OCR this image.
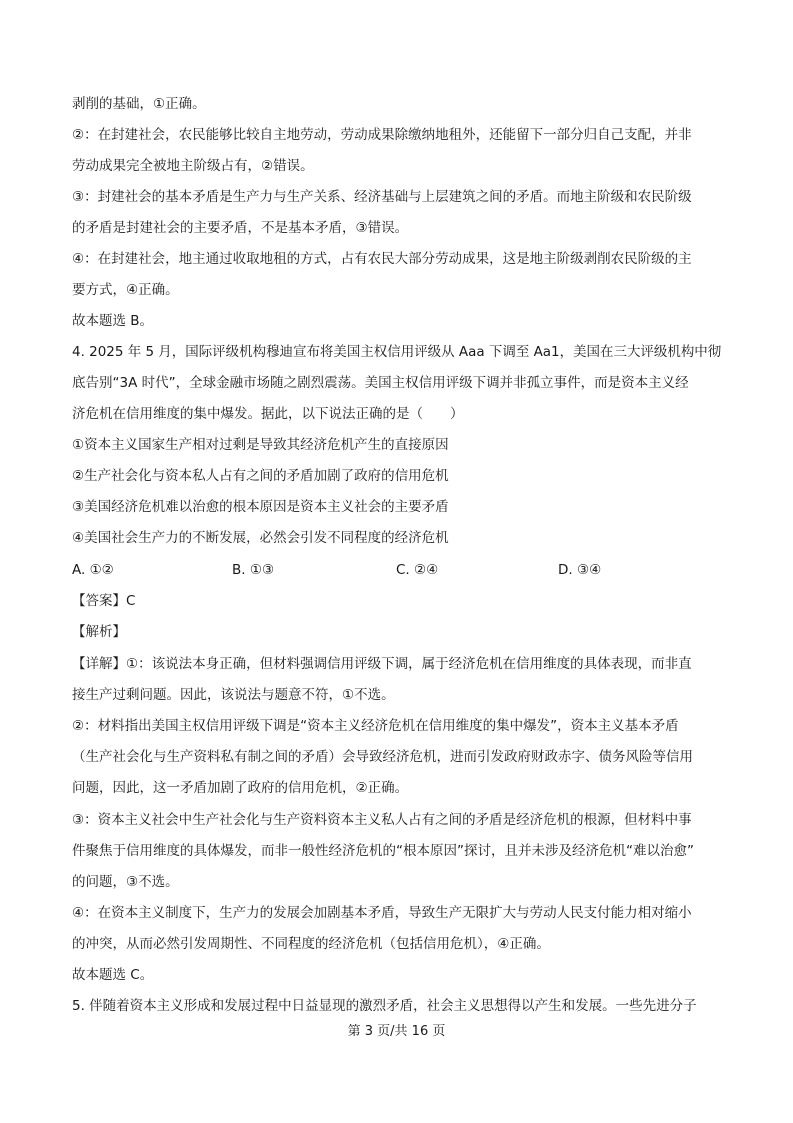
剥削的基础，①正确。
②：在封建社会，农民能够比较自主地劳动，劳动成果除缴纳地租外，还能留下一部分归自己支配，并非
劳动成果完全被地主阶级占有，②错误。
③：封建社会的基本矛盾是生产力与生产关系、经济基础与上层建筑之间的矛盾。而地主阶级和农民阶级
的矛盾是封建社会的主要矛盾，不是基本矛盾，③错误。
④：在封建社会，地主通过收取地租的方式，占有农民大部分劳动成果，这是地主阶级剥削农民阶级的主
要方式，④正确。
故本题选 B。
4. 2025 年 5 月，国际评级机构穆迪宣布将美国主权信用评级从 Aaa 下调至 Aa1，美国在三大评级机构中彻
底告别“3A 时代”，全球金融市场随之剧烈震荡。美国主权信用评级下调并非孤立事件，而是资本主义经
济危机在信用维度的集中爆发。据此，以下说法正确的是（　　）
①资本主义国家生产相对过剩是导致其经济危机产生的直接原因
②生产社会化与资本私人占有之间的矛盾加剧了政府的信用危机
③美国经济危机难以治愈的根本原因是资本主义社会的主要矛盾
④美国社会生产力的不断发展，必然会引发不同程度的经济危机
A. ①②	B. ①③	C. ②④	D. ③④
【答案】C
【解析】
【详解】①：该说法本身正确，但材料强调信用评级下调，属于经济危机在信用维度的具体表现，而非直
接生产过剩问题。因此，该说法与题意不符，①不选。
②：材料指出美国主权信用评级下调是“资本主义经济危机在信用维度的集中爆发”，资本主义基本矛盾
（生产社会化与生产资料私有制之间的矛盾）会导致经济危机，进而引发政府财政赤字、债务风险等信用
问题，因此，这一矛盾加剧了政府的信用危机，②正确。
③：资本主义社会中生产社会化与生产资料资本主义私人占有之间的矛盾是经济危机的根源，但材料中事
件聚焦于信用维度的具体爆发，而非一般性经济危机的“根本原因”探讨，且并未涉及经济危机“难以治愈”
的问题，③不选。
④：在资本主义制度下，生产力的发展会加剧基本矛盾，导致生产无限扩大与劳动人民支付能力相对缩小
的冲突，从而必然引发周期性、不同程度的经济危机（包括信用危机），④正确。
故本题选 C。
5. 伴随着资本主义形成和发展过程中日益显现的激烈矛盾，社会主义思想得以产生和发展。一些先进分子
第 3 页/共 16 页
